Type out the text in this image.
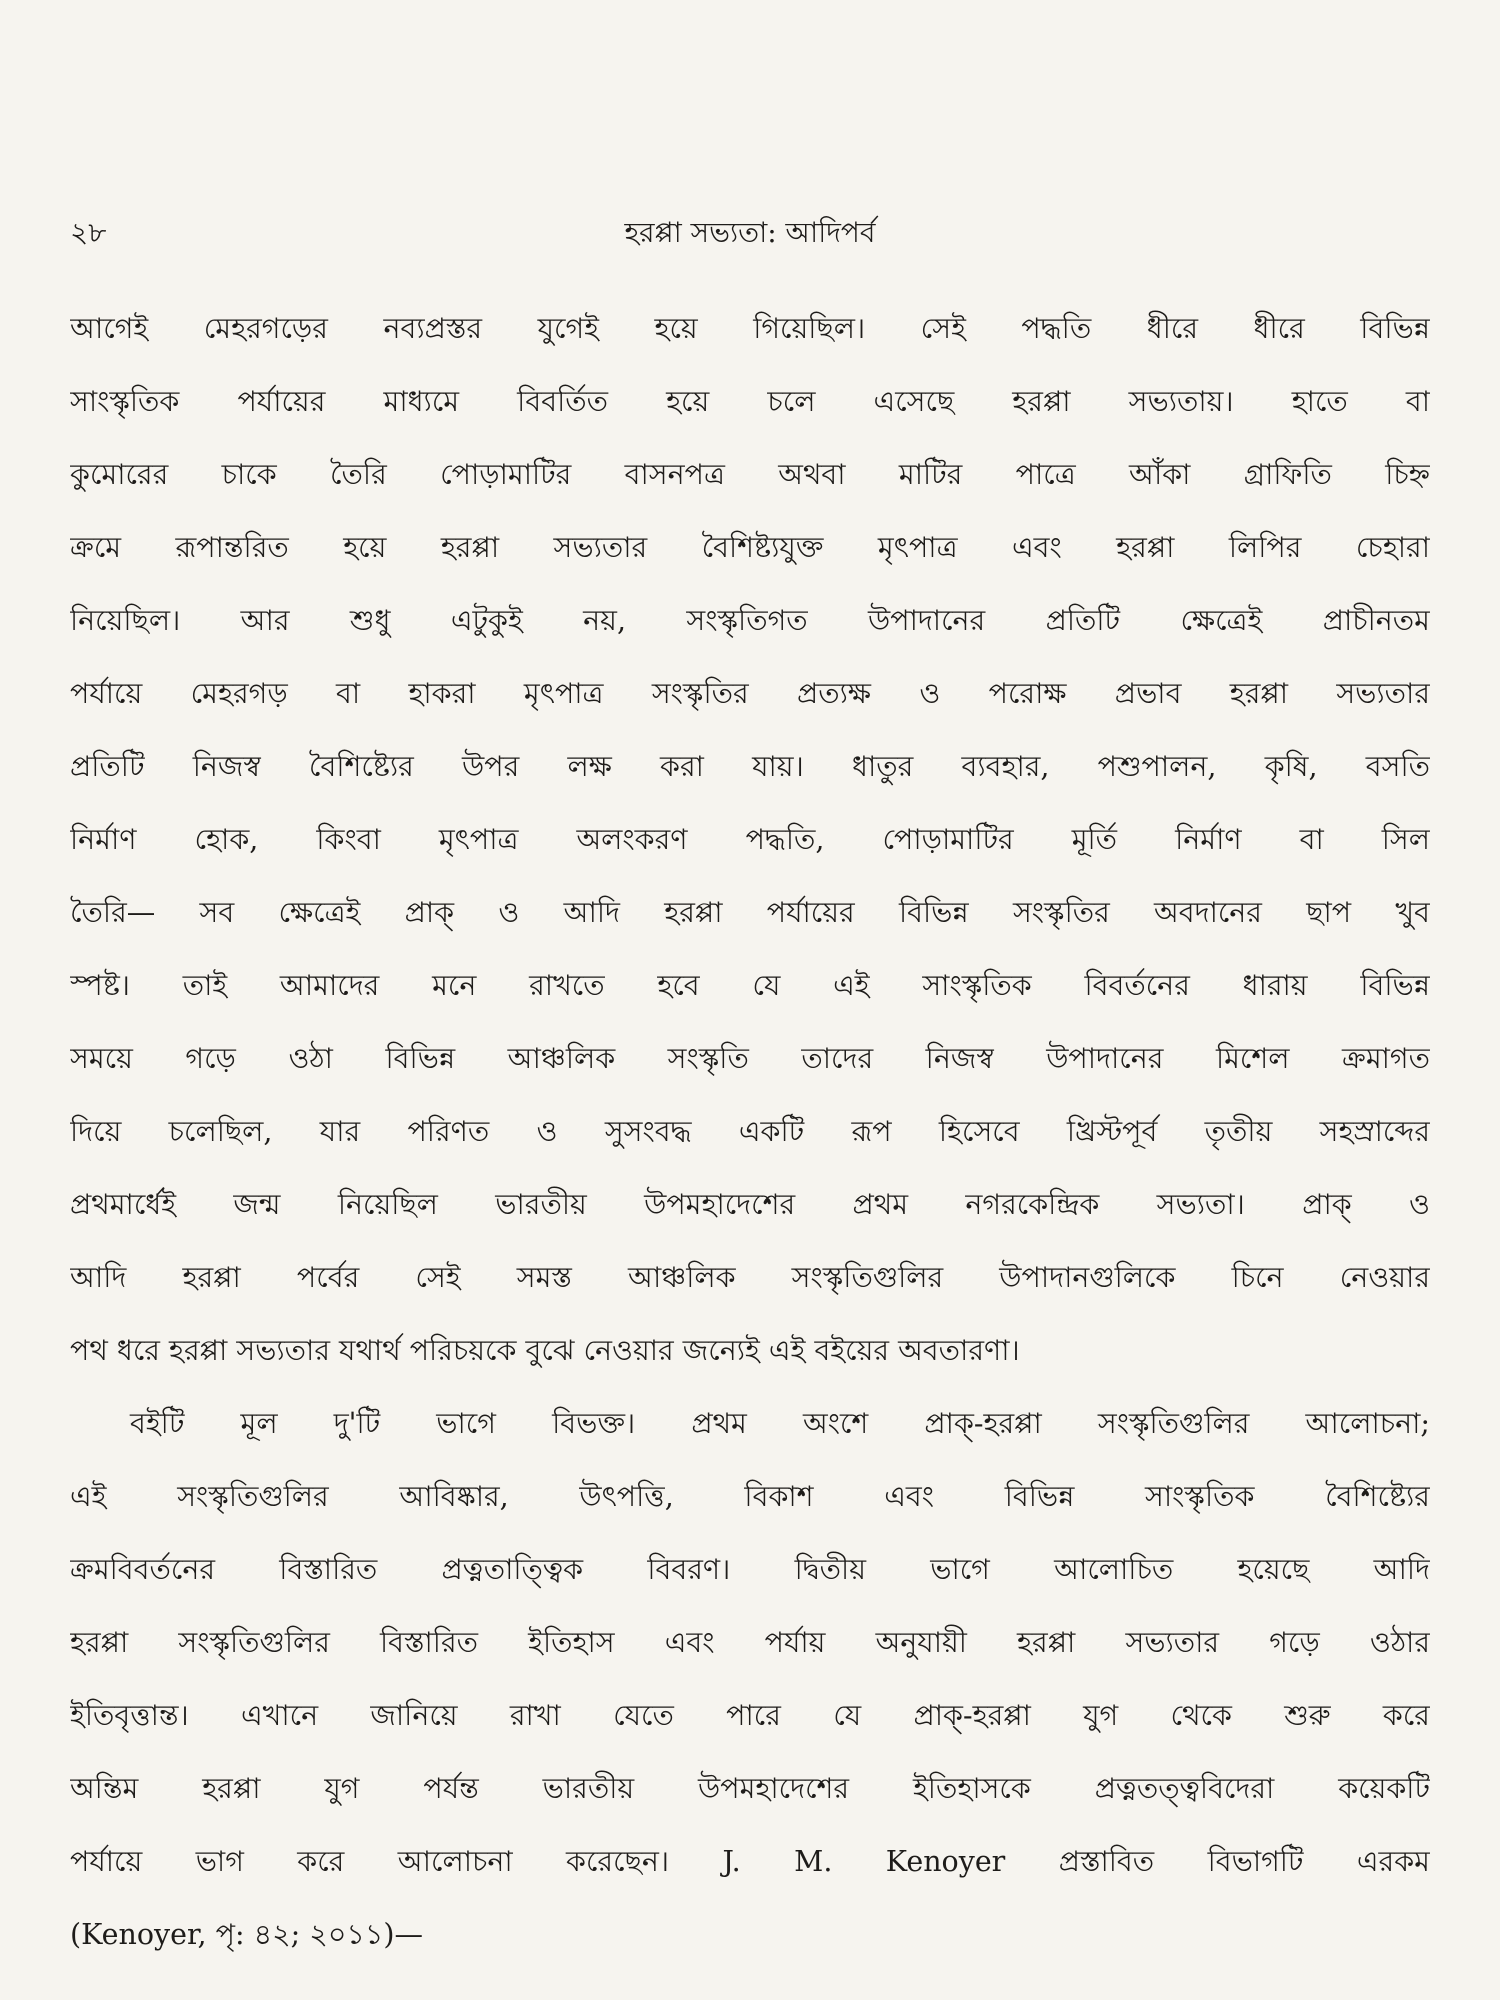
২৮	হরপ্পা সভ্যতা: আদিপর্ব
আগেই মেহরগড়ের নব্যপ্রস্তর যুগেই হয়ে গিয়েছিল। সেই পদ্ধতি ধীরে ধীরে বিভিন্ন
সাংস্কৃতিক পর্যায়ের মাধ্যমে বিবর্তিত হয়ে চলে এসেছে হরপ্পা সভ্যতায়। হাতে বা
কুমোরের চাকে তৈরি পোড়ামাটির বাসনপত্র অথবা মাটির পাত্রে আঁকা গ্রাফিতি চিহ্ন
ক্রমে রূপান্তরিত হয়ে হরপ্পা সভ্যতার বৈশিষ্ট্যযুক্ত মৃৎপাত্র এবং হরপ্পা লিপির চেহারা
নিয়েছিল। আর শুধু এটুকুই নয়, সংস্কৃতিগত উপাদানের প্রতিটি ক্ষেত্রেই প্রাচীনতম
পর্যায়ে মেহরগড় বা হাকরা মৃৎপাত্র সংস্কৃতির প্রত্যক্ষ ও পরোক্ষ প্রভাব হরপ্পা সভ্যতার
প্রতিটি নিজস্ব বৈশিষ্ট্যের উপর লক্ষ করা যায়। ধাতুর ব্যবহার, পশুপালন, কৃষি, বসতি
নির্মাণ হোক, কিংবা মৃৎপাত্র অলংকরণ পদ্ধতি, পোড়ামাটির মূর্তি নির্মাণ বা সিল
তৈরি— সব ক্ষেত্রেই প্রাক্ ও আদি হরপ্পা পর্যায়ের বিভিন্ন সংস্কৃতির অবদানের ছাপ খুব
স্পষ্ট। তাই আমাদের মনে রাখতে হবে যে এই সাংস্কৃতিক বিবর্তনের ধারায় বিভিন্ন
সময়ে গড়ে ওঠা বিভিন্ন আঞ্চলিক সংস্কৃতি তাদের নিজস্ব উপাদানের মিশেল ক্রমাগত
দিয়ে চলেছিল, যার পরিণত ও সুসংবদ্ধ একটি রূপ হিসেবে খ্রিস্টপূর্ব তৃতীয় সহস্রাব্দের
প্রথমার্ধেই জন্ম নিয়েছিল ভারতীয় উপমহাদেশের প্রথম নগরকেন্দ্রিক সভ্যতা। প্রাক্ ও
আদি হরপ্পা পর্বের সেই সমস্ত আঞ্চলিক সংস্কৃতিগুলির উপাদানগুলিকে চিনে নেওয়ার
পথ ধরে হরপ্পা সভ্যতার যথার্থ পরিচয়কে বুঝে নেওয়ার জন্যেই এই বইয়ের অবতারণা।
বইটি মূল দু'টি ভাগে বিভক্ত। প্রথম অংশে প্রাক্-হরপ্পা সংস্কৃতিগুলির আলোচনা;
এই সংস্কৃতিগুলির আবিষ্কার, উৎপত্তি, বিকাশ এবং বিভিন্ন সাংস্কৃতিক বৈশিষ্ট্যের
ক্রমবিবর্তনের বিস্তারিত প্রত্নতাত্ত্বিক বিবরণ। দ্বিতীয় ভাগে আলোচিত হয়েছে আদি
হরপ্পা সংস্কৃতিগুলির বিস্তারিত ইতিহাস এবং পর্যায় অনুযায়ী হরপ্পা সভ্যতার গড়ে ওঠার
ইতিবৃত্তান্ত। এখানে জানিয়ে রাখা যেতে পারে যে প্রাক্-হরপ্পা যুগ থেকে শুরু করে
অন্তিম হরপ্পা যুগ পর্যন্ত ভারতীয় উপমহাদেশের ইতিহাসকে প্রত্নতত্ত্ববিদেরা কয়েকটি
পর্যায়ে ভাগ করে আলোচনা করেছেন। J. M. Kenoyer প্রস্তাবিত বিভাগটি এরকম
(Kenoyer, পৃ: ৪২; ২০১১)—
